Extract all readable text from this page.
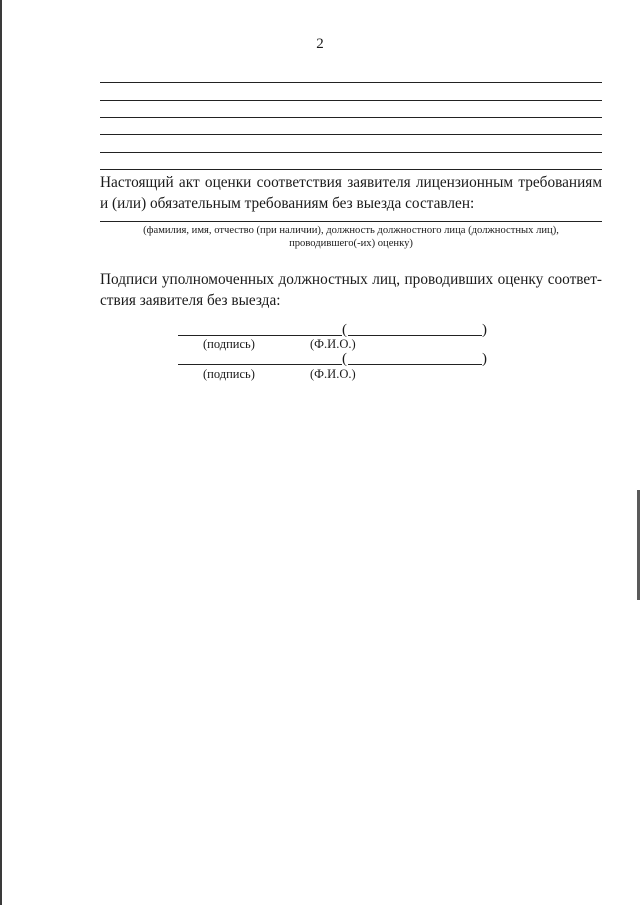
2
Настоящий акт оценки соответствия заявителя лицензионным требованиям и (или) обязательным требованиям без выезда составлен:
(фамилия, имя, отчество (при наличии), должность должностного лица (должностных лиц),
проводившего(-их) оценку)
Подписи уполномоченных должностных лиц, проводивших оценку соответ-ствия заявителя без выезда:
(	)
(подпись)	(Ф.И.О.)
(	)
(подпись)	(Ф.И.О.)
